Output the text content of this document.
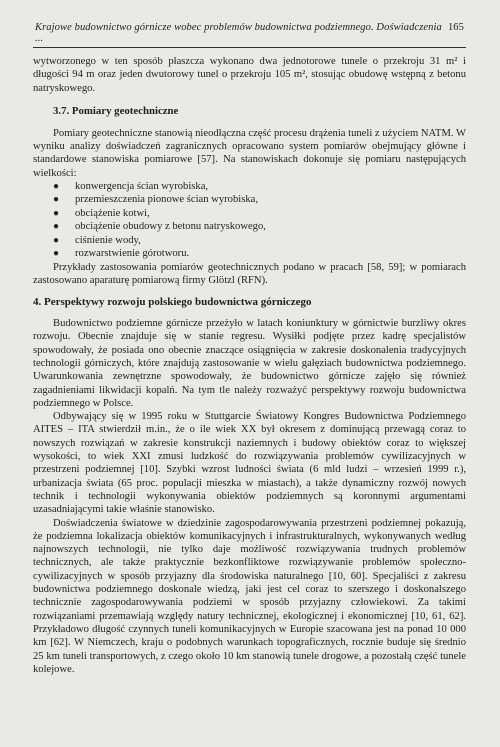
Krajowe budownictwo górnicze wobec problemów budownictwa podziemnego. Doświadczenia ...
165

wytworzonego w ten sposób płaszcza wykonano dwa jednotorowe tunele o przekroju 31 m² i długości 94 m oraz jeden dwutorowy tunel o przekroju 105 m², stosując obudowę wstępną z betonu natryskowego.

3.7. Pomiary geotechniczne

Pomiary geotechniczne stanowią nieodłączna część procesu drążenia tuneli z użyciem NATM. W wyniku analizy doświadczeń zagranicznych opracowano system pomiarów obejmujący główne i standardowe stanowiska pomiarowe [57]. Na stanowiskach dokonuje się pomiaru następujących wielkości:

● konwergencja ścian wyrobiska,
● przemieszczenia pionowe ścian wyrobiska,
● obciążenie kotwi,
● obciążenie obudowy z betonu natryskowego,
● ciśnienie wody,
● rozwarstwienie górotworu.

Przykłady zastosowania pomiarów geotechnicznych podano w pracach [58, 59]; w pomiarach zastosowano aparaturę pomiarową firmy Glötzl (RFN).

4. Perspektywy rozwoju polskiego budownictwa górniczego

Budownictwo podziemne górnicze przeżyło w latach koniunktury w górnictwie burzliwy okres rozwoju. Obecnie znajduje się w stanie regresu. Wysiłki podjęte przez kadrę specjalistów spowodowały, że posiada ono obecnie znaczące osiągnięcia w zakresie doskonalenia tradycyjnych technologii górniczych, które znajdują zastosowanie w wielu gałęziach budownictwa podziemnego. Uwarunkowania zewnętrzne spowodowały, że budownictwo górnicze zajęło się również zagadnieniami likwidacji kopalń. Na tym tle należy rozważyć perspektywy rozwoju budownictwa podziemnego w Polsce.

Odbywający się w 1995 roku w Stuttgarcie Światowy Kongres Budownictwa Podziemnego AITES – ITA stwierdził m.in., że o ile wiek XX był okresem z dominującą przewagą coraz to nowszych rozwiązań w zakresie konstrukcji naziemnych i budowy obiektów coraz to większej wysokości, to wiek XXI zmusi ludzkość do rozwiązywania problemów cywilizacyjnych w przestrzeni podziemnej [10]. Szybki wzrost ludności świata (6 mld ludzi – wrzesień 1999 r.), urbanizacja świata (65 proc. populacji mieszka w miastach), a także dynamiczny rozwój nowych technik i technologii wykonywania obiektów podziemnych są koronnymi argumentami uzasadniającymi takie właśnie stanowisko.

Doświadczenia światowe w dziedzinie zagospodarowywania przestrzeni podziemnej pokazują, że podziemna lokalizacja obiektów komunikacyjnych i infrastrukturalnych, wykonywanych według najnowszych technologii, nie tylko daje możliwość rozwiązywania trudnych problemów technicznych, ale także praktycznie bezkonfliktowe rozwiązywanie problemów społeczno-cywilizacyjnych w sposób przyjazny dla środowiska naturalnego [10, 60]. Specjaliści z zakresu budownictwa podziemnego doskonale wiedzą, jaki jest cel coraz to szerszego i doskonalszego technicznie zagospodarowywania podziemi w sposób przyjazny człowiekowi. Za takimi rozwiązaniami przemawiają względy natury technicznej, ekologicznej i ekonomicznej [10, 61, 62]. Przykładowo długość czynnych tuneli komunikacyjnych w Europie szacowana jest na ponad 10 000 km [62]. W Niemczech, kraju o podobnych warunkach topograficznych, rocznie buduje się średnio 25 km tuneli transportowych, z czego około 10 km stanowią tunele drogowe, a pozostałą część tunele kolejowe.
